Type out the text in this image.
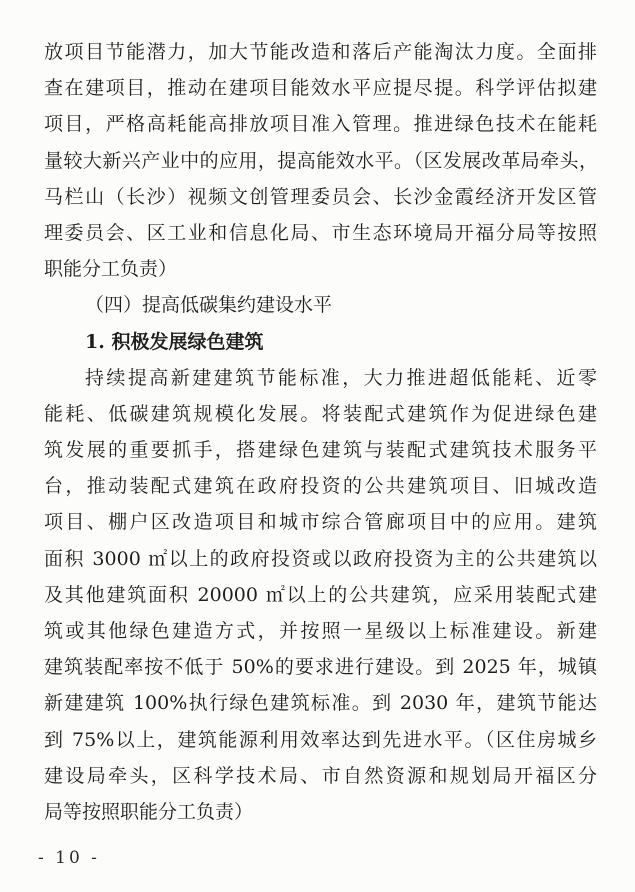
放项目节能潜力，加大节能改造和落后产能淘汰力度。全面排
查在建项目，推动在建项目能效水平应提尽提。科学评估拟建
项目，严格高耗能高排放项目准入管理。推进绿色技术在能耗
量较大新兴产业中的应用，提高能效水平。（区发展改革局牵头，
马栏山（长沙）视频文创管理委员会、长沙金霞经济开发区管
理委员会、区工业和信息化局、市生态环境局开福分局等按照
职能分工负责）
（四）提高低碳集约建设水平
1. 积极发展绿色建筑
持续提高新建建筑节能标准，大力推进超低能耗、近零
能耗、低碳建筑规模化发展。将装配式建筑作为促进绿色建
筑发展的重要抓手，搭建绿色建筑与装配式建筑技术服务平
台，推动装配式建筑在政府投资的公共建筑项目、旧城改造
项目、棚户区改造项目和城市综合管廊项目中的应用。建筑
面积 3000 ㎡以上的政府投资或以政府投资为主的公共建筑以
及其他建筑面积 20000 ㎡以上的公共建筑，应采用装配式建
筑或其他绿色建造方式，并按照一星级以上标准建设。新建
建筑装配率按不低于 50%的要求进行建设。到 2025 年，城镇
新建建筑 100%执行绿色建筑标准。到 2030 年，建筑节能达
到 75%以上，建筑能源利用效率达到先进水平。（区住房城乡
建设局牵头，区科学技术局、市自然资源和规划局开福区分
局等按照职能分工负责）
- 10 -
